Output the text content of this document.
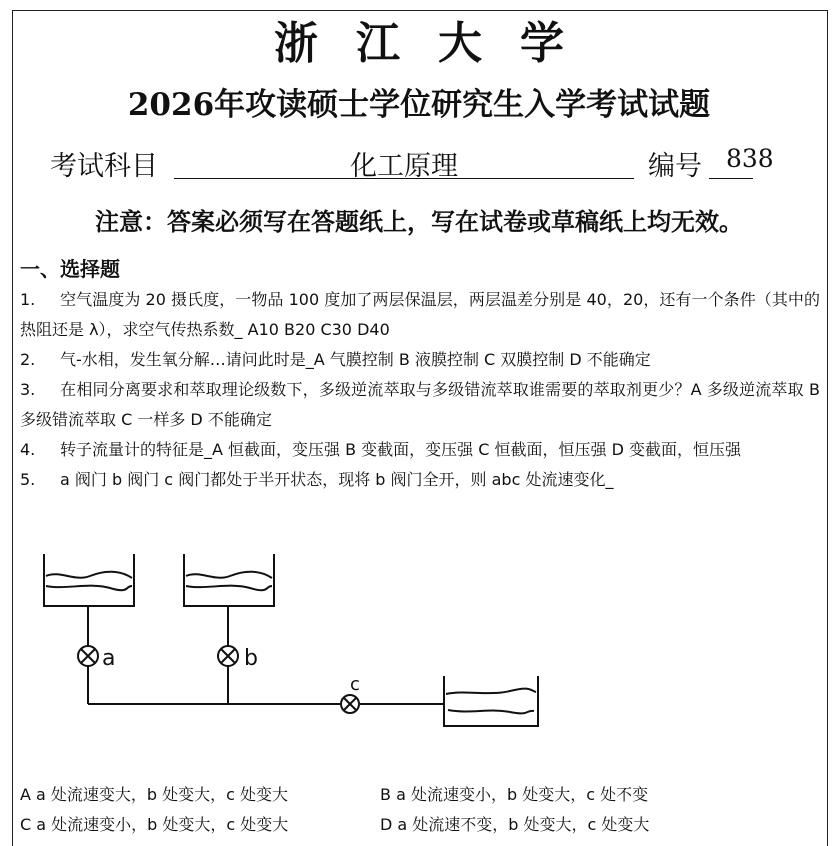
浙江大学
2026年攻读硕士学位研究生入学考试试题
考试科目	化工原理	编号 838
注意：答案必须写在答题纸上，写在试卷或草稿纸上均无效。
一、选择题

1. 空气温度为 20 摄氏度，一物品 100 度加了两层保温层，两层温差分别是 40，20，还有一个条件（其中的热阻还是 λ），求空气传热系数_ A10 B20 C30 D40

2. 气-水相，发生氧分解…请问此时是_A 气膜控制 B 液膜控制 C 双膜控制 D 不能确定

3. 在相同分离要求和萃取理论级数下，多级逆流萃取与多级错流萃取谁需要的萃取剂更少？A 多级逆流萃取 B 多级错流萃取 C 一样多 D 不能确定

4. 转子流量计的特征是_A 恒截面，变压强 B 变截面，变压强 C 恒截面，恒压强 D 变截面，恒压强

5. a 阀门 b 阀门 c 阀门都处于半开状态，现将 b 阀门全开，则 abc 处流速变化_

a	b
c
A a 处流速变大，b 处变大，c 处变大	B a 处流速变小，b 处变大，c 处不变
C a 处流速变小，b 处变大，c 处变大	D a 处流速不变，b 处变大，c 处变大
